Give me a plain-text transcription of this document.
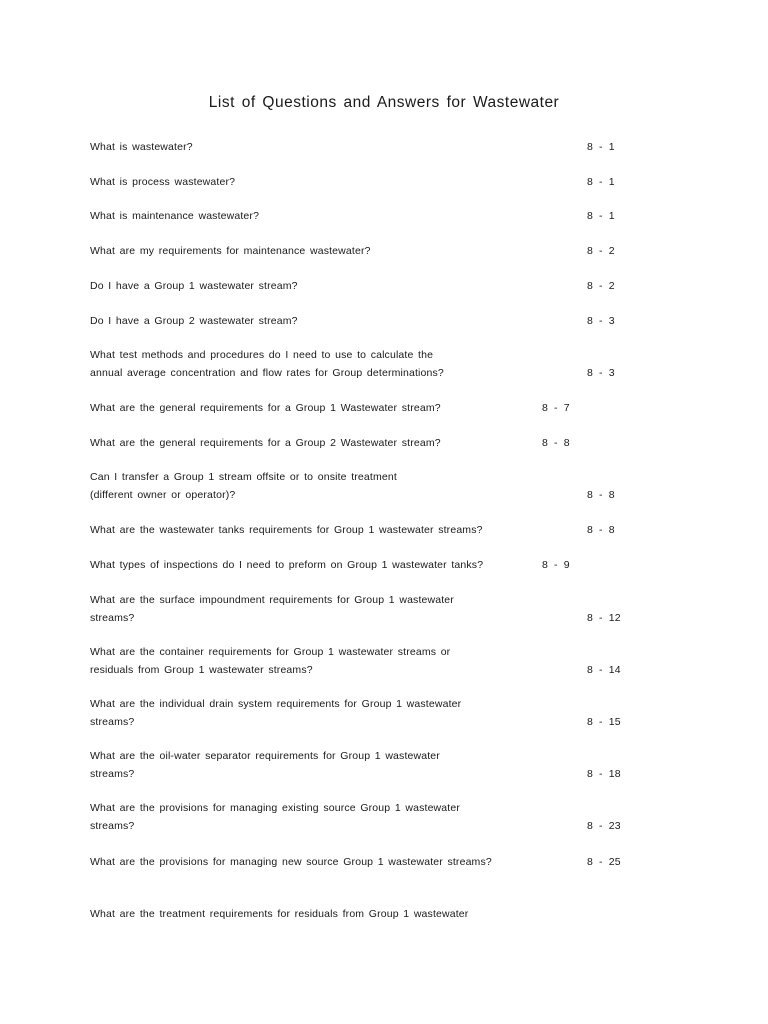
List of Questions and Answers for Wastewater
What is wastewater?	8 - 1
What is process wastewater?	8 - 1
What is maintenance wastewater?	8 - 1
What are my requirements for maintenance wastewater?	8 - 2
Do I have a Group 1 wastewater stream?	8 - 2
Do I have a Group 2 wastewater stream?	8 - 3
What test methods and procedures do I need to use to calculate the
annual average concentration and flow rates for Group determinations?	8 - 3
What are the general requirements for a Group 1 Wastewater stream?	8 - 7
What are the general requirements for a Group 2 Wastewater stream?	8 - 8
Can I transfer a Group 1 stream offsite or to onsite treatment
(different owner or operator)?	8 - 8
What are the wastewater tanks requirements for Group 1 wastewater streams?	8 - 8
What types of inspections do I need to preform on Group 1 wastewater tanks?	8 - 9
What are the surface impoundment requirements for Group 1 wastewater
streams?	8 - 12
What are the container requirements for Group 1 wastewater streams or
residuals from Group 1 wastewater streams?	8 - 14
What are the individual drain system requirements for Group 1 wastewater
streams?	8 - 15
What are the oil-water separator requirements for Group 1 wastewater
streams?	8 - 18
What are the provisions for managing existing source Group 1 wastewater
streams?	8 - 23
What are the provisions for managing new source Group 1 wastewater streams?	8 - 25
What are the treatment requirements for residuals from Group 1 wastewater
